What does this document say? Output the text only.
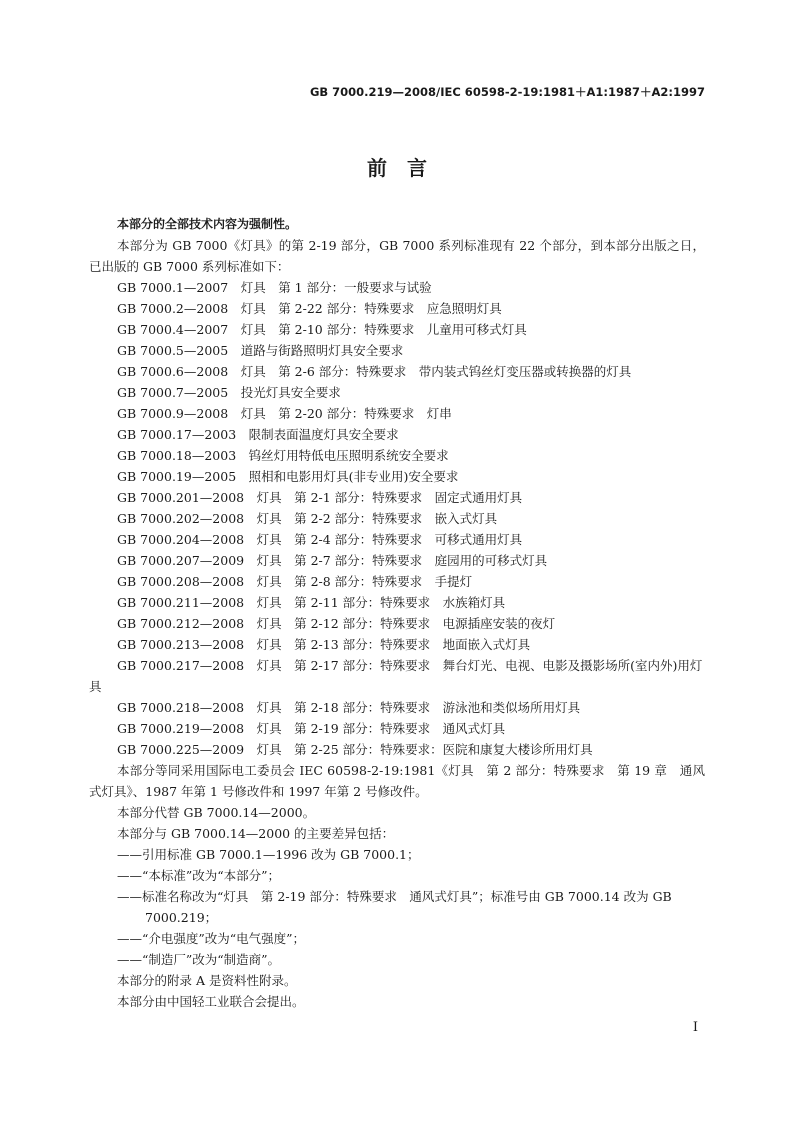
GB 7000.219—2008/IEC 60598-2-19:1981＋A1:1987＋A2:1997
前　言
本部分的全部技术内容为强制性。
本部分为 GB 7000《灯具》的第 2-19 部分，GB 7000 系列标准现有 22 个部分，到本部分出版之日，已出版的 GB 7000 系列标准如下：
GB 7000.1—2007　灯具　第 1 部分：一般要求与试验
GB 7000.2—2008　灯具　第 2-22 部分：特殊要求　应急照明灯具
GB 7000.4—2007　灯具　第 2-10 部分：特殊要求　儿童用可移式灯具
GB 7000.5—2005　道路与街路照明灯具安全要求
GB 7000.6—2008　灯具　第 2-6 部分：特殊要求　带内装式钨丝灯变压器或转换器的灯具
GB 7000.7—2005　投光灯具安全要求
GB 7000.9—2008　灯具　第 2-20 部分：特殊要求　灯串
GB 7000.17—2003　限制表面温度灯具安全要求
GB 7000.18—2003　钨丝灯用特低电压照明系统安全要求
GB 7000.19—2005　照相和电影用灯具(非专业用)安全要求
GB 7000.201—2008　灯具　第 2-1 部分：特殊要求　固定式通用灯具
GB 7000.202—2008　灯具　第 2-2 部分：特殊要求　嵌入式灯具
GB 7000.204—2008　灯具　第 2-4 部分：特殊要求　可移式通用灯具
GB 7000.207—2009　灯具　第 2-7 部分：特殊要求　庭园用的可移式灯具
GB 7000.208—2008　灯具　第 2-8 部分：特殊要求　手提灯
GB 7000.211—2008　灯具　第 2-11 部分：特殊要求　水族箱灯具
GB 7000.212—2008　灯具　第 2-12 部分：特殊要求　电源插座安装的夜灯
GB 7000.213—2008　灯具　第 2-13 部分：特殊要求　地面嵌入式灯具
GB 7000.217—2008　灯具　第 2-17 部分：特殊要求　舞台灯光、电视、电影及摄影场所(室内外)用灯具
GB 7000.218—2008　灯具　第 2-18 部分：特殊要求　游泳池和类似场所用灯具
GB 7000.219—2008　灯具　第 2-19 部分：特殊要求　通风式灯具
GB 7000.225—2009　灯具　第 2-25 部分：特殊要求：医院和康复大楼诊所用灯具
本部分等同采用国际电工委员会 IEC 60598-2-19:1981《灯具　第 2 部分：特殊要求　第 19 章　通风式灯具》、1987 年第 1 号修改件和 1997 年第 2 号修改件。
本部分代替 GB 7000.14—2000。
本部分与 GB 7000.14—2000 的主要差异包括：
——引用标准 GB 7000.1—1996 改为 GB 7000.1；
——“本标准”改为“本部分”；
——标准名称改为“灯具　第 2-19 部分：特殊要求　通风式灯具”；标准号由 GB 7000.14 改为 GB 7000.219；
——“介电强度”改为“电气强度”；
——“制造厂”改为“制造商”。
本部分的附录 A 是资料性附录。
本部分由中国轻工业联合会提出。
I
